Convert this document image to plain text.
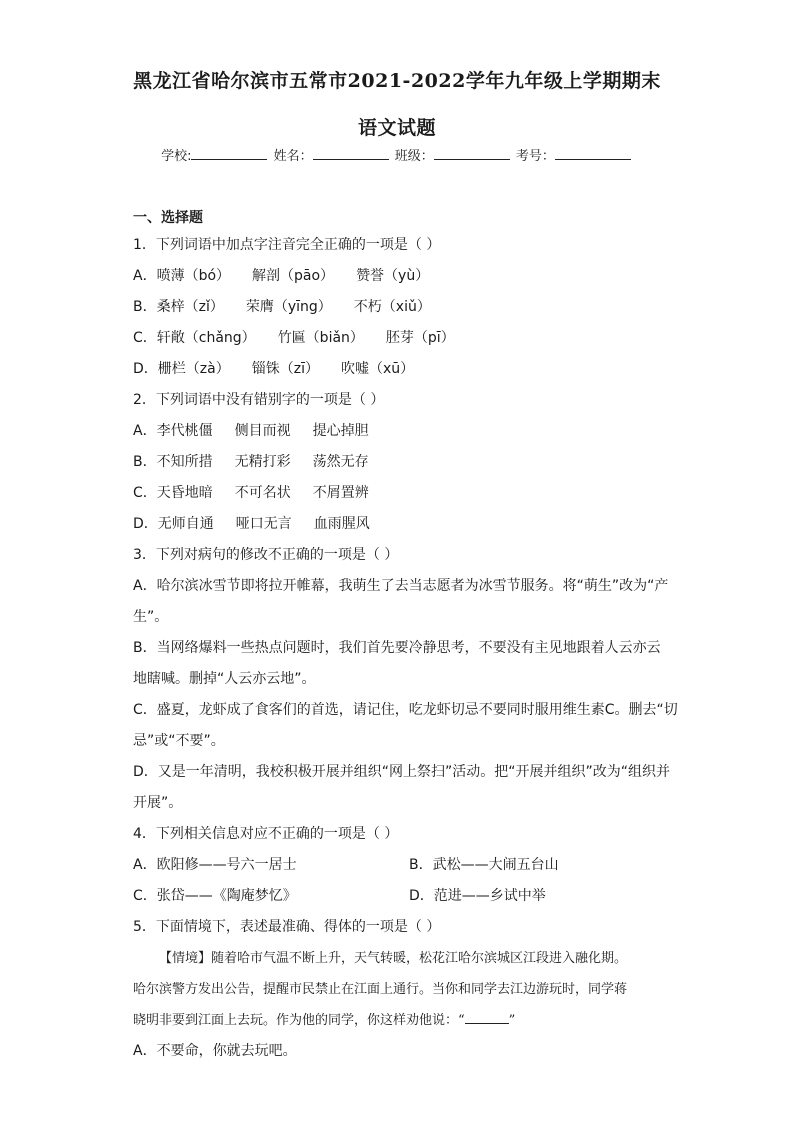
黑龙江省哈尔滨市五常市2021-2022学年九年级上学期期末
语文试题
学校:	姓名：	班级：	考号：
一、选择题
1．下列词语中加点字注音完全正确的一项是（ ）
A．喷薄（bó） 解剖（pāo） 赞誉（yù）
B．桑梓（zǐ） 荣膺（yīng） 不朽（xiǔ）
C．轩敞（chǎng） 竹匾（biǎn） 胚芽（pī）
D．栅栏（zà） 锱铢（zī） 吹嘘（xū）
2．下列词语中没有错别字的一项是（ ）
A．李代桃僵 侧目而视 提心掉胆
B．不知所措 无精打彩 荡然无存
C．天昏地暗 不可名状 不屑置辨
D．无师自通 哑口无言 血雨腥风
3．下列对病句的修改不正确的一项是（ ）
A．哈尔滨冰雪节即将拉开帷幕，我萌生了去当志愿者为冰雪节服务。将“萌生”改为“产
生”。
B．当网络爆料一些热点问题时，我们首先要冷静思考，不要没有主见地跟着人云亦云
地瞎喊。删掉“人云亦云地”。
C．盛夏，龙虾成了食客们的首选，请记住，吃龙虾切忌不要同时服用维生素C。删去“切
忌”或“不要”。
D．又是一年清明，我校积极开展并组织“网上祭扫”活动。把“开展并组织”改为“组织并
开展”。
4．下列相关信息对应不正确的一项是（ ）
A．欧阳修——号六一居士	B．武松——大闹五台山
C．张岱——《陶庵梦忆》	D．范进——乡试中举
5．下面情境下，表述最准确、得体的一项是（ ）
【情境】随着哈市气温不断上升，天气转暖，松花江哈尔滨城区江段进入融化期。
哈尔滨警方发出公告，提醒市民禁止在江面上通行。当你和同学去江边游玩时，同学蒋
晓明非要到江面上去玩。作为他的同学，你这样劝他说：“	”
A．不要命，你就去玩吧。
